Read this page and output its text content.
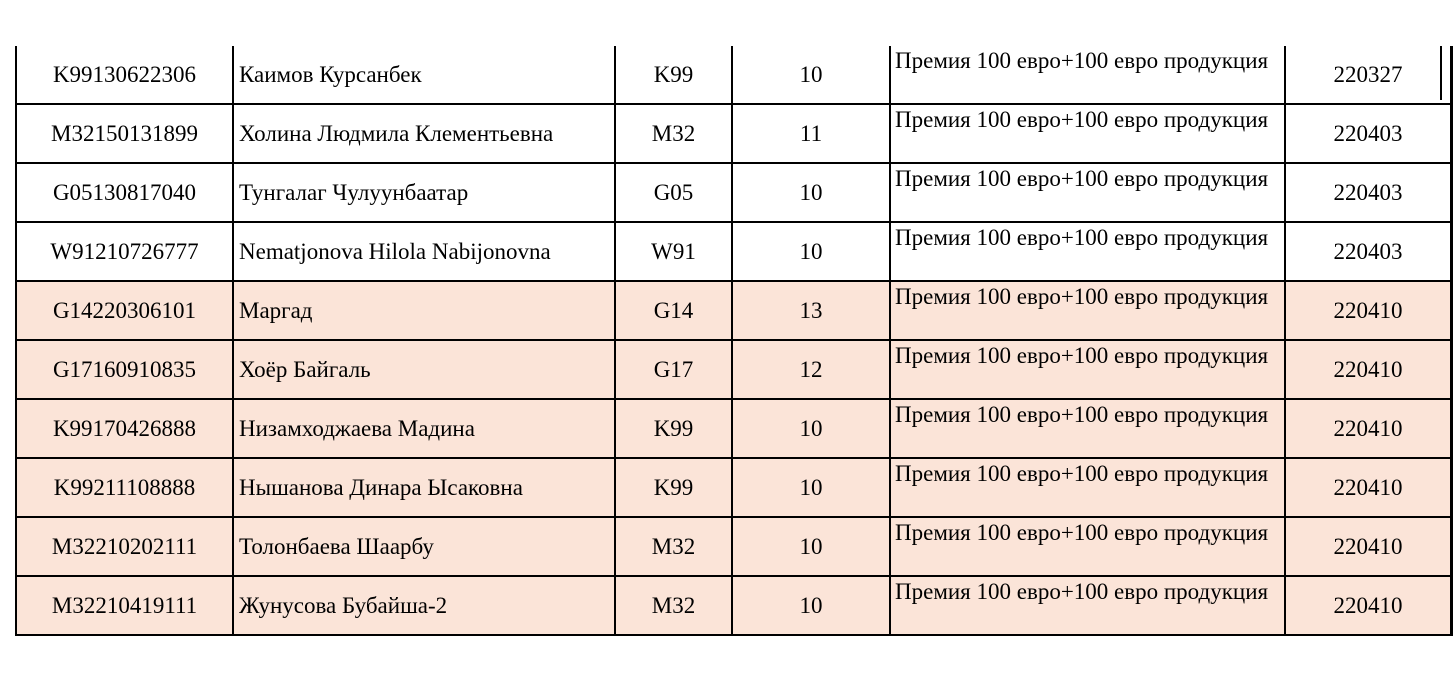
K99130622306	Каимов Курсанбек	K99	10	Премия 100 евро+100 евро продукция	220327
M32150131899	Холина Людмила Клементьевна	M32	11	Премия 100 евро+100 евро продукция	220403
G05130817040	Тунгалаг Чулуунбаатар	G05	10	Премия 100 евро+100 евро продукция	220403
W91210726777	Nematjonova Hilola Nabijonovna	W91	10	Премия 100 евро+100 евро продукция	220403
G14220306101	Маргад	G14	13	Премия 100 евро+100 евро продукция	220410
G17160910835	Хоёр Байгаль	G17	12	Премия 100 евро+100 евро продукция	220410
K99170426888	Низамходжаева Мадина	K99	10	Премия 100 евро+100 евро продукция	220410
K99211108888	Нышанова Динара Ысаковна	K99	10	Премия 100 евро+100 евро продукция	220410
M32210202111	Толонбаева Шаарбу	M32	10	Премия 100 евро+100 евро продукция	220410
M32210419111	Жунусова Бубайша-2	M32	10	Премия 100 евро+100 евро продукция	220410
